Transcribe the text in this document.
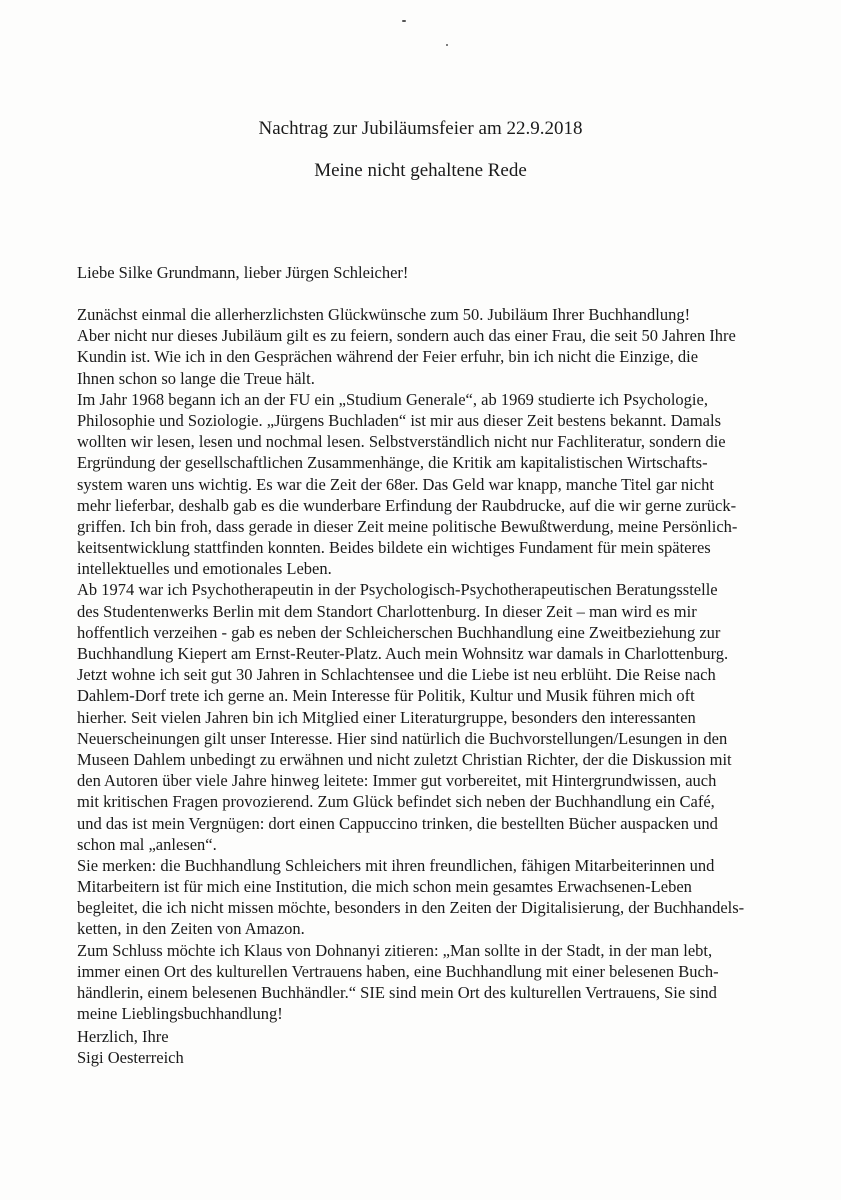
Nachtrag zur Jubiläumsfeier am 22.9.2018
Meine nicht gehaltene Rede
Liebe Silke Grundmann, lieber Jürgen Schleicher!
Zunächst einmal die allerherzlichsten Glückwünsche zum 50. Jubiläum Ihrer Buchhandlung!
Aber nicht nur dieses Jubiläum gilt es zu feiern, sondern auch das einer Frau, die seit 50 Jahren Ihre
Kundin ist. Wie ich in den Gesprächen während der Feier erfuhr, bin ich nicht die Einzige, die
Ihnen schon so lange die Treue hält.
Im Jahr 1968 begann ich an der FU ein „Studium Generale“, ab 1969 studierte ich Psychologie,
Philosophie und Soziologie. „Jürgens Buchladen“ ist mir aus dieser Zeit bestens bekannt. Damals
wollten wir lesen, lesen und nochmal lesen. Selbstverständlich nicht nur Fachliteratur, sondern die
Ergründung der gesellschaftlichen Zusammenhänge, die Kritik am kapitalistischen Wirtschafts-
system waren uns wichtig. Es war die Zeit der 68er. Das Geld war knapp, manche Titel gar nicht
mehr lieferbar, deshalb gab es die wunderbare Erfindung der Raubdrucke, auf die wir gerne zurück-
griffen. Ich bin froh, dass gerade in dieser Zeit meine politische Bewußtwerdung, meine Persönlich-
keitsentwicklung stattfinden konnten. Beides bildete ein wichtiges Fundament für mein späteres
intellektuelles und emotionales Leben.
Ab 1974 war ich Psychotherapeutin in der Psychologisch-Psychotherapeutischen Beratungsstelle
des Studentenwerks Berlin mit dem Standort Charlottenburg. In dieser Zeit – man wird es mir
hoffentlich verzeihen - gab es neben der Schleicherschen Buchhandlung eine Zweitbeziehung zur
Buchhandlung Kiepert am Ernst-Reuter-Platz. Auch mein Wohnsitz war damals in Charlottenburg.
Jetzt wohne ich seit gut 30 Jahren in Schlachtensee und die Liebe ist neu erblüht. Die Reise nach
Dahlem-Dorf trete ich gerne an. Mein Interesse für Politik, Kultur und Musik führen mich oft
hierher. Seit vielen Jahren bin ich Mitglied einer Literaturgruppe, besonders den interessanten
Neuerscheinungen gilt unser Interesse. Hier sind natürlich die Buchvorstellungen/Lesungen in den
Museen Dahlem unbedingt zu erwähnen und nicht zuletzt Christian Richter, der die Diskussion mit
den Autoren über viele Jahre hinweg leitete: Immer gut vorbereitet, mit Hintergrundwissen, auch
mit kritischen Fragen provozierend. Zum Glück befindet sich neben der Buchhandlung ein Café,
und das ist mein Vergnügen: dort einen Cappuccino trinken, die bestellten Bücher auspacken und
schon mal „anlesen“.
Sie merken: die Buchhandlung Schleichers mit ihren freundlichen, fähigen Mitarbeiterinnen und
Mitarbeitern ist für mich eine Institution, die mich schon mein gesamtes Erwachsenen-Leben
begleitet, die ich nicht missen möchte, besonders in den Zeiten der Digitalisierung, der Buchhandels-
ketten, in den Zeiten von Amazon.
Zum Schluss möchte ich Klaus von Dohnanyi zitieren: „Man sollte in der Stadt, in der man lebt,
immer einen Ort des kulturellen Vertrauens haben, eine Buchhandlung mit einer belesenen Buch-
händlerin, einem belesenen Buchhändler.“ SIE sind mein Ort des kulturellen Vertrauens, Sie sind
meine Lieblingsbuchhandlung!
Herzlich, Ihre
Sigi Oesterreich
